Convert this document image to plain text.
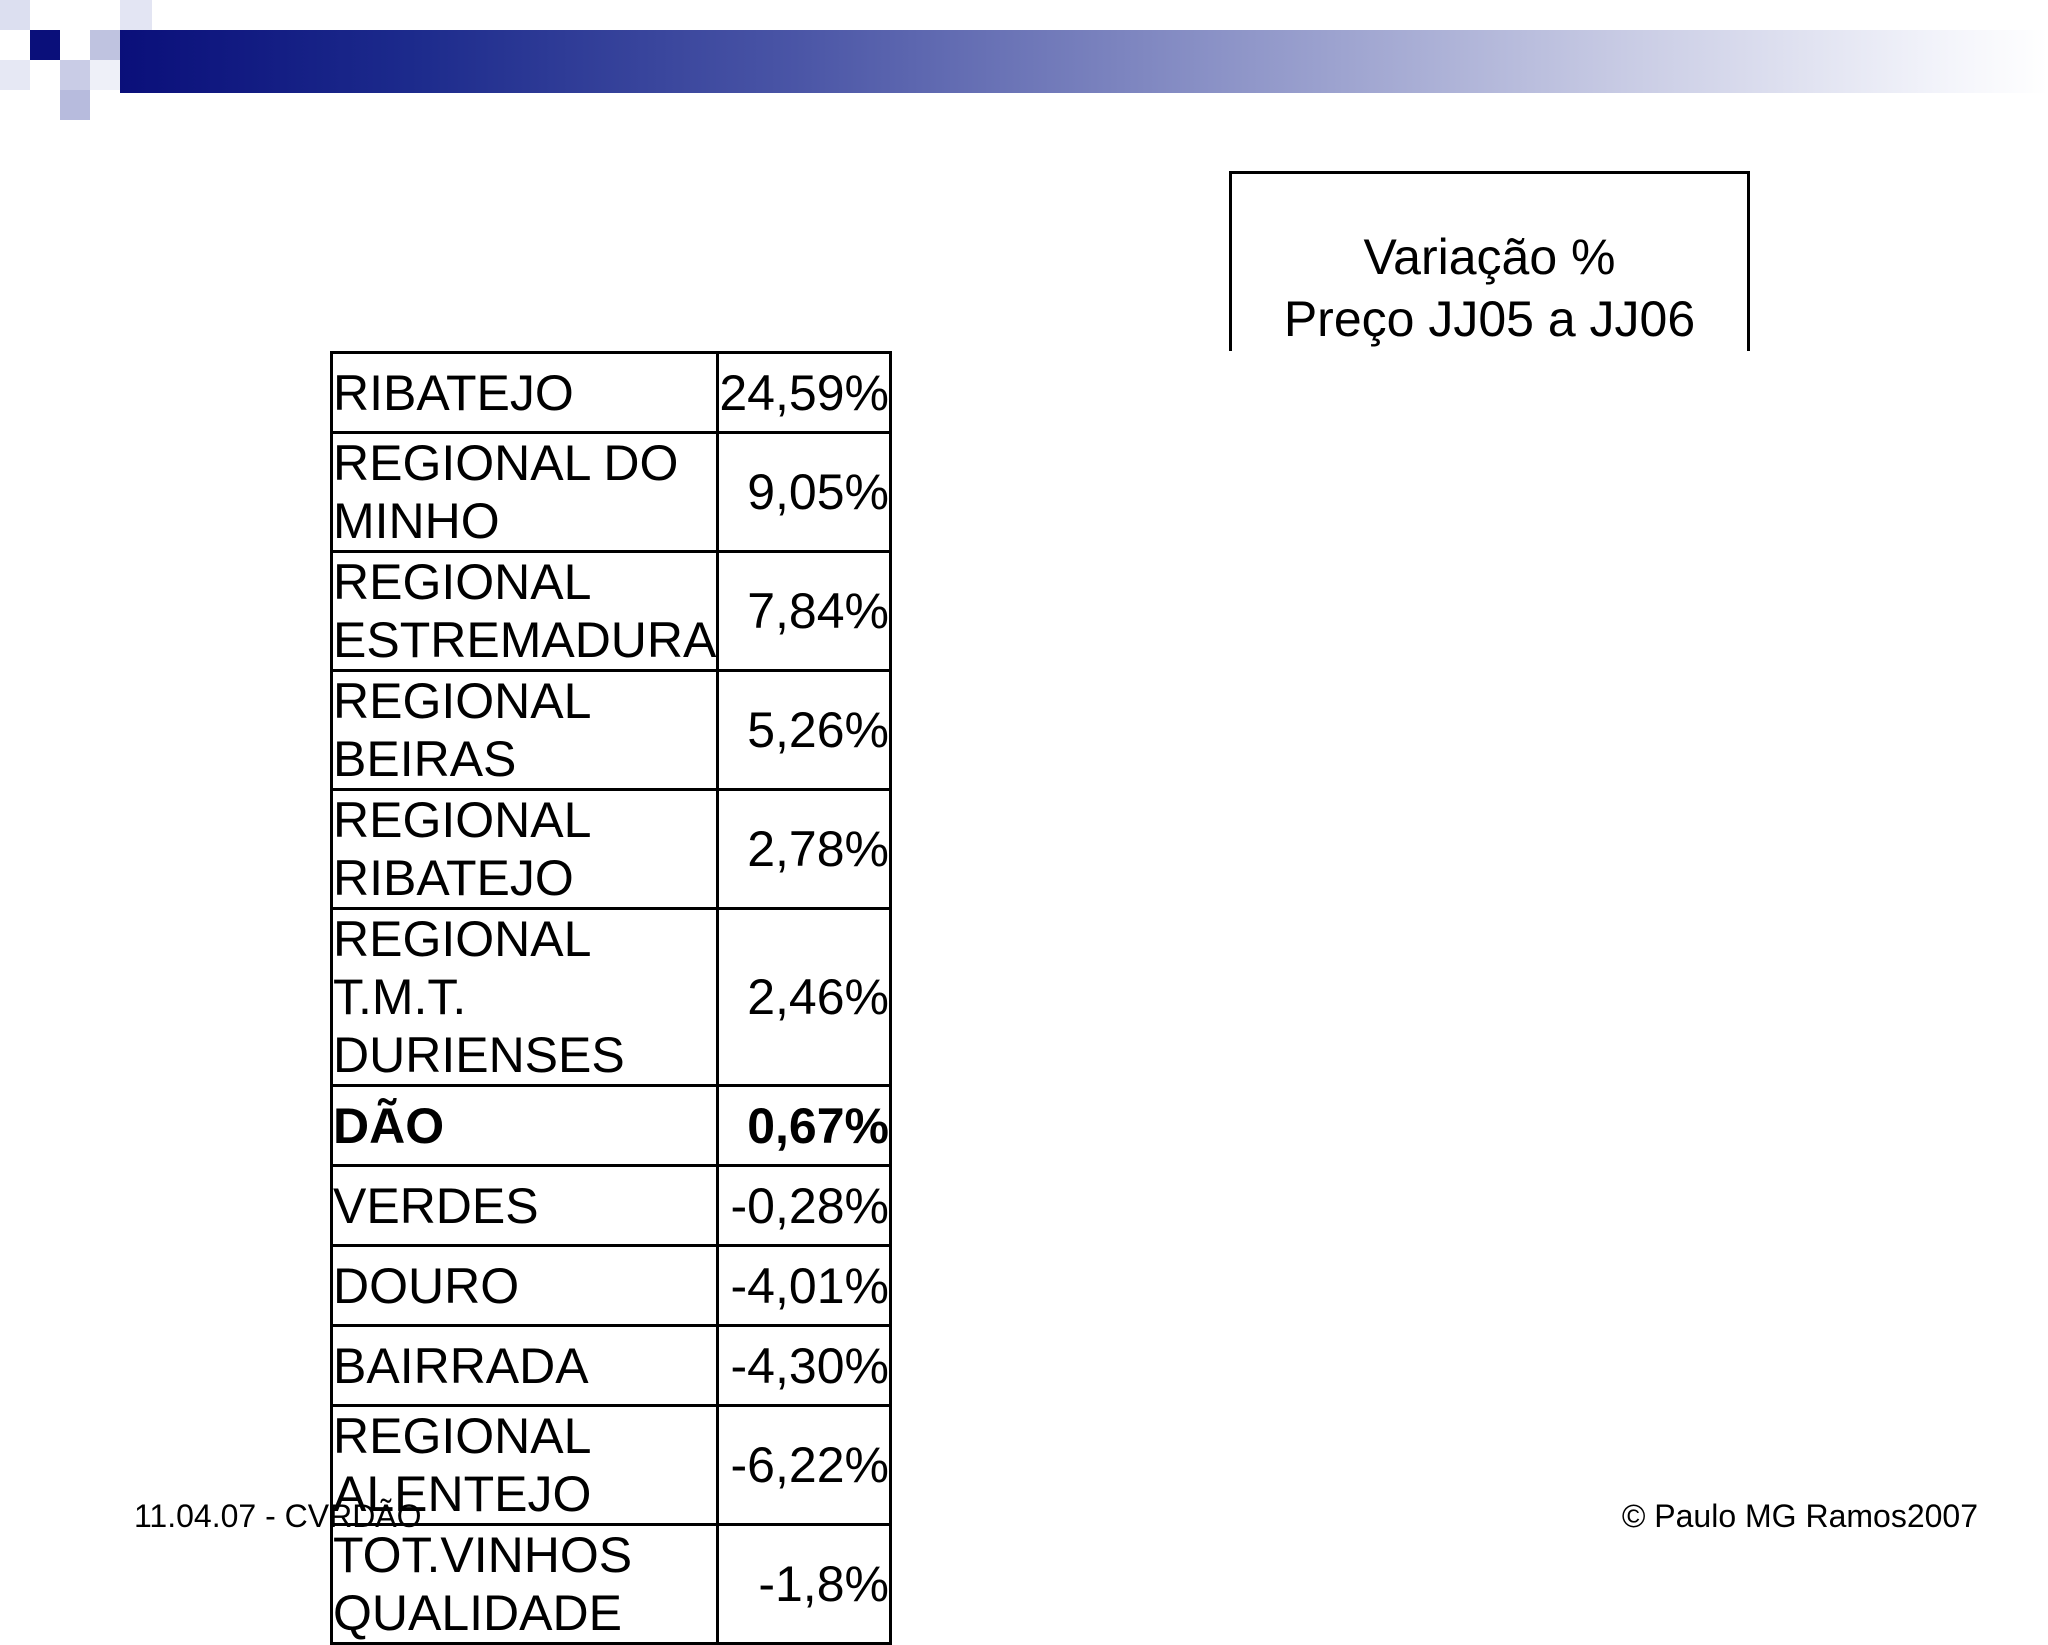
Variação %
Preço JJ05 a JJ06
RIBATEJO	24,59%
REGIONAL DO MINHO	9,05%
REGIONAL ESTREMADURA	7,84%
REGIONAL BEIRAS	5,26%
REGIONAL RIBATEJO	2,78%
REGIONAL T.M.T. DURIENSES	2,46%
DÃO	0,67%
VERDES	-0,28%
DOURO	-4,01%
BAIRRADA	-4,30%
REGIONAL ALENTEJO	-6,22%
TOT.VINHOS QUALIDADE	-1,8%
11.04.07 - CVRDÃO	© Paulo MG Ramos2007
